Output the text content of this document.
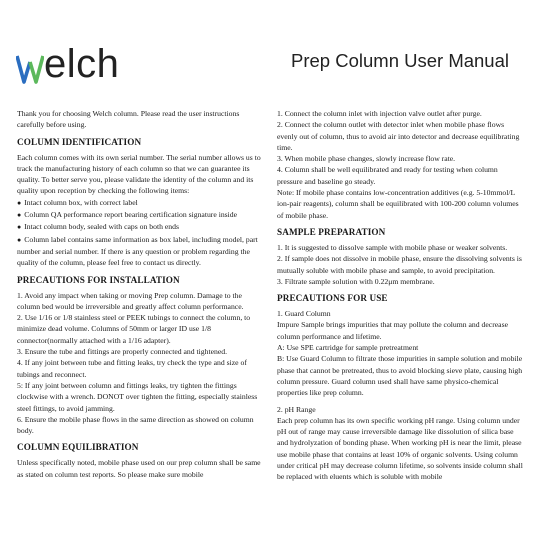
elch	Prep Column User Manual

Thank you for choosing Welch column. Please read the user instructions carefully before using.

COLUMN IDENTIFICATION

Each column comes with its own serial number. The serial number allows us to track the manufacturing history of each column so that we can guarantee its quality. To better serve you, please validate the identity of the column and its quality upon reception by checking the following items:

● Intact column box, with correct label

● Column QA performance report bearing certification signature inside

● Intact column body, sealed with caps on both ends

● Column label contains same information as box label, including model, part number and serial number. If there is any question or problem regarding the quality of the column, please feel free to contact us directly.

PRECAUTIONS FOR INSTALLATION

1. Avoid any impact when taking or moving Prep column. Damage to the column bed would be irreversible and greatly affect column performance.

2. Use 1/16 or 1/8 stainless steel or PEEK tubings to connect the column, to minimize dead volume. Columns of 50mm or larger ID use 1/8 connector(normally attached with a 1/16 adapter).

3. Ensure the tube and fittings are properly connected and tightened.

4. If any joint between tube and fitting leaks, try check the type and size of tubings and reconnect.

5: If any joint between column and fittings leaks, try tighten the fittings clockwise with a wrench. DONOT over tighten the fitting, especially stainless steel fittings, to avoid jamming.

6. Ensure the mobile phase flows in the same direction as showed on column body.

COLUMN EQUILIBRATION

Unless specifically noted, mobile phase used on our prep column shall be same as stated on column test reports. So please make sure mobile

1. Connect the column inlet with injection valve outlet after purge.

2. Connect the column outlet with detector inlet when mobile phase flows evenly out of column, thus to avoid air into detector and decrease equilibrating time.

3. When mobile phase changes, slowly increase flow rate.

4. Column shall be well equilibrated and ready for testing when column pressure and baseline go steady.

Note: If mobile phase contains low-concentration additives (e.g. 5-10mmol/L ion-pair reagents), column shall be equilibrated with 100-200 column volumes of mobile phase.

SAMPLE PREPARATION

1. It is suggested to dissolve sample with mobile phase or weaker solvents.

2. If sample does not dissolve in mobile phase, ensure the dissolving solvents is mutually soluble with mobile phase and sample, to avoid precipitation.

3. Filtrate sample solution with 0.22μm membrane.

PRECAUTIONS FOR USE

1. Guard Column

Impure Sample brings impurities that may pollute the column and decrease column performance and lifetime.

A: Use SPE cartridge for sample pretreatment

B: Use Guard Column to filtrate those impurities in sample solution and mobile phase that cannot be pretreated, thus to avoid blocking sieve plate, causing high column pressure. Guard column used shall have same physico-chemical properties like prep column.

2. pH Range

Each prep column has its own specific working pH range. Using column under pH out of range may cause irreversible damage like dissolution of silica base and hydrolyzation of bonding phase. When working pH is near the limit, please use mobile phase that contains at least 10% of organic solvents. Using column under critical pH may decrease column lifetime, so solvents inside column shall be replaced with eluents which is soluble with mobile
